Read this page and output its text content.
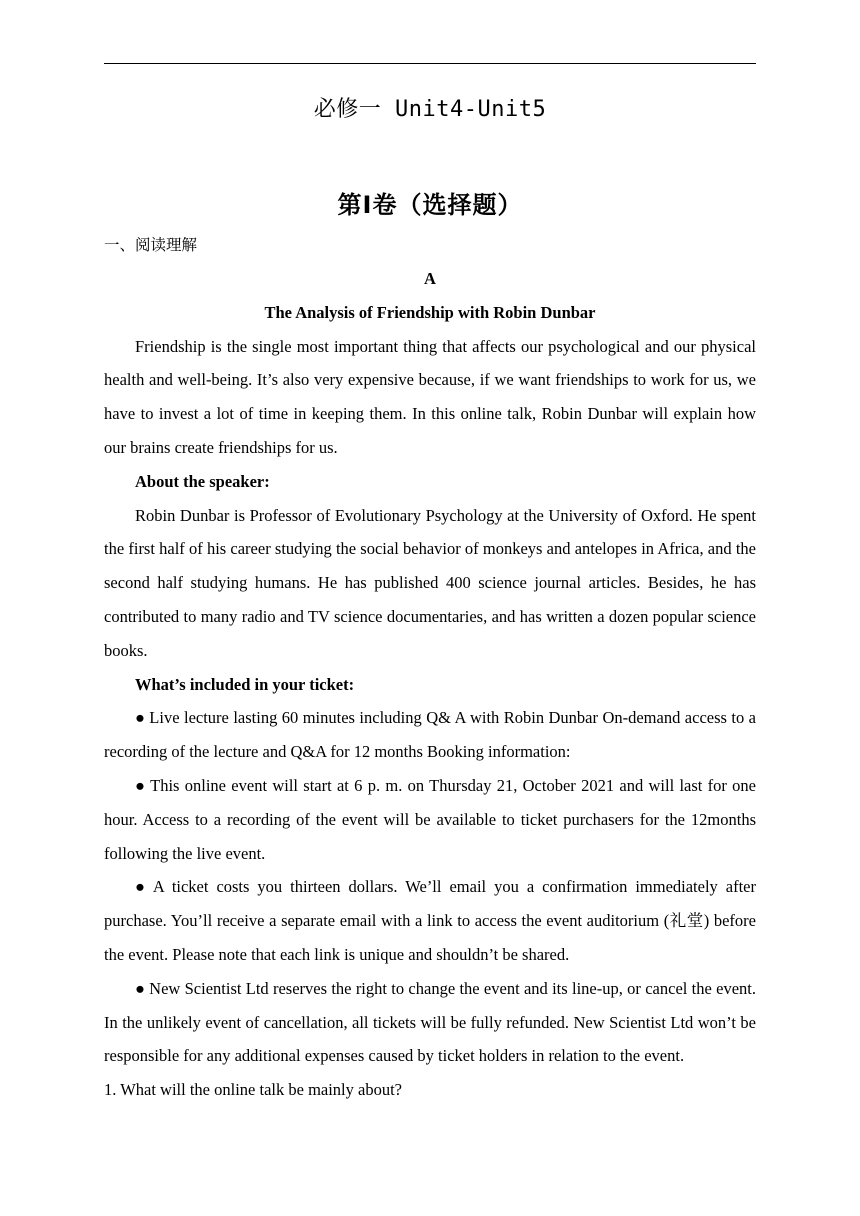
必修一 Unit4-Unit5
第Ⅰ卷（选择题）
一、阅读理解
A
The Analysis of Friendship with Robin Dunbar

Friendship is the single most important thing that affects our psychological and our physical health and well-being. It’s also very expensive because, if we want friendships to work for us, we have to invest a lot of time in keeping them. In this online talk, Robin Dunbar will explain how our brains create friendships for us.

About the speaker:

Robin Dunbar is Professor of Evolutionary Psychology at the University of Oxford. He spent the first half of his career studying the social behavior of monkeys and antelopes in Africa, and the second half studying humans. He has published 400 science journal articles. Besides, he has contributed to many radio and TV science documentaries, and has written a dozen popular science books.

What’s included in your ticket:

● Live lecture lasting 60 minutes including Q& A with Robin Dunbar On-demand access to a recording of the lecture and Q&A for 12 months Booking information:

● This online event will start at 6 p. m. on Thursday 21, October 2021 and will last for one hour. Access to a recording of the event will be available to ticket purchasers for the 12months following the live event.

● A ticket costs you thirteen dollars. We’ll email you a confirmation immediately after purchase. You’ll receive a separate email with a link to access the event auditorium (礼堂) before the event. Please note that each link is unique and shouldn’t be shared.

● New Scientist Ltd reserves the right to change the event and its line-up, or cancel the event. In the unlikely event of cancellation, all tickets will be fully refunded. New Scientist Ltd won’t be responsible for any additional expenses caused by ticket holders in relation to the event.

1. What will the online talk be mainly about?
